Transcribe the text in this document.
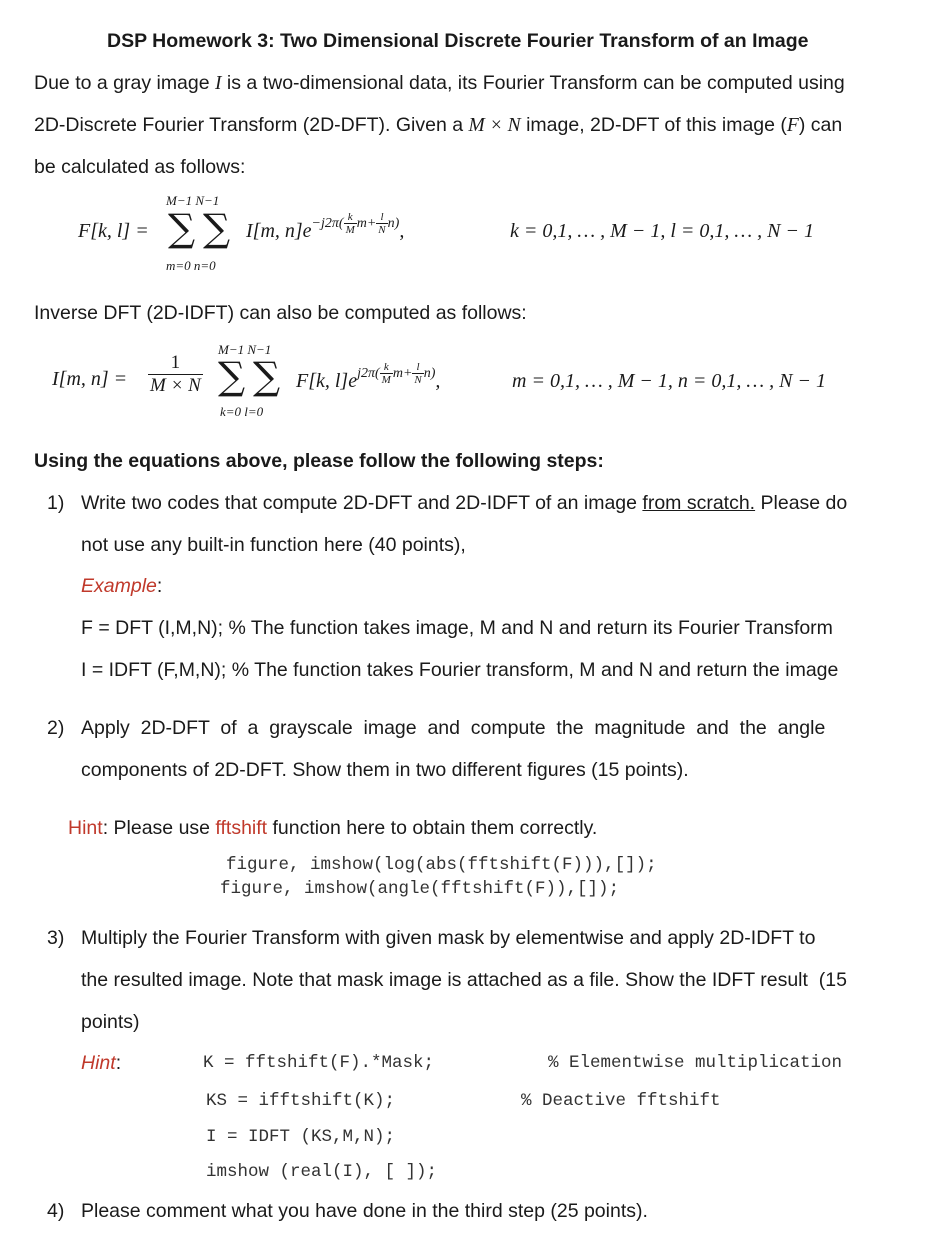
DSP Homework 3: Two Dimensional Discrete Fourier Transform of an Image
Due to a gray image I is a two-dimensional data, its Fourier Transform can be computed using
2D-Discrete Fourier Transform (2D-DFT). Given a M × N image, 2D-DFT of this image (F) can
be calculated as follows:
F[k, l] =
M−1 N−1
∑ ∑
m=0 n=0
I[m, $n]e^{-j2\pi( \frac{k}{M} m+ \frac{l}{N} n)}$,	k = 0,1, … , M − 1, l = 0,1, … , N − 1
Inverse DFT (2D-IDFT) can also be computed as follows:
I[m, $n] = \frac{1}{M \times N}$
M−1 N−1
∑ ∑
k=0 l=0
F[k, $l]e^{j2\pi( \frac{k}{M} m+ \frac{l}{N} n)}$,	m = 0,1, … , M − 1, n = 0,1, … , N − 1
Using the equations above, please follow the following steps:
1) Write two codes that compute 2D-DFT and 2D-IDFT of an image from scratch. Please do
not use any built-in function here (40 points),
Example:
F = DFT (I,M,N); % The function takes image, M and N and return its Fourier Transform
I = IDFT (F,M,N); % The function takes Fourier transform, M and N and return the image
2) Apply  2D-DFT  of  a  grayscale  image  and  compute  the  magnitude  and  the  angle
components of 2D-DFT. Show them in two different figures (15 points).
Hint: Please use fftshift function here to obtain them correctly.
figure, imshow(log(abs(fftshift(F))),[]);
figure, imshow(angle(fftshift(F)),[]);
3) Multiply the Fourier Transform with given mask by elementwise and apply 2D-IDFT to
the resulted image. Note that mask image is attached as a file. Show the IDFT result  (15
points)
Hint:	K = fftshift(F).*Mask;	% Elementwise multiplication
KS = ifftshift(K);	% Deactive fftshift
I = IDFT (KS,M,N);
imshow (real(I), [ ]);
4) Please comment what you have done in the third step (25 points).
